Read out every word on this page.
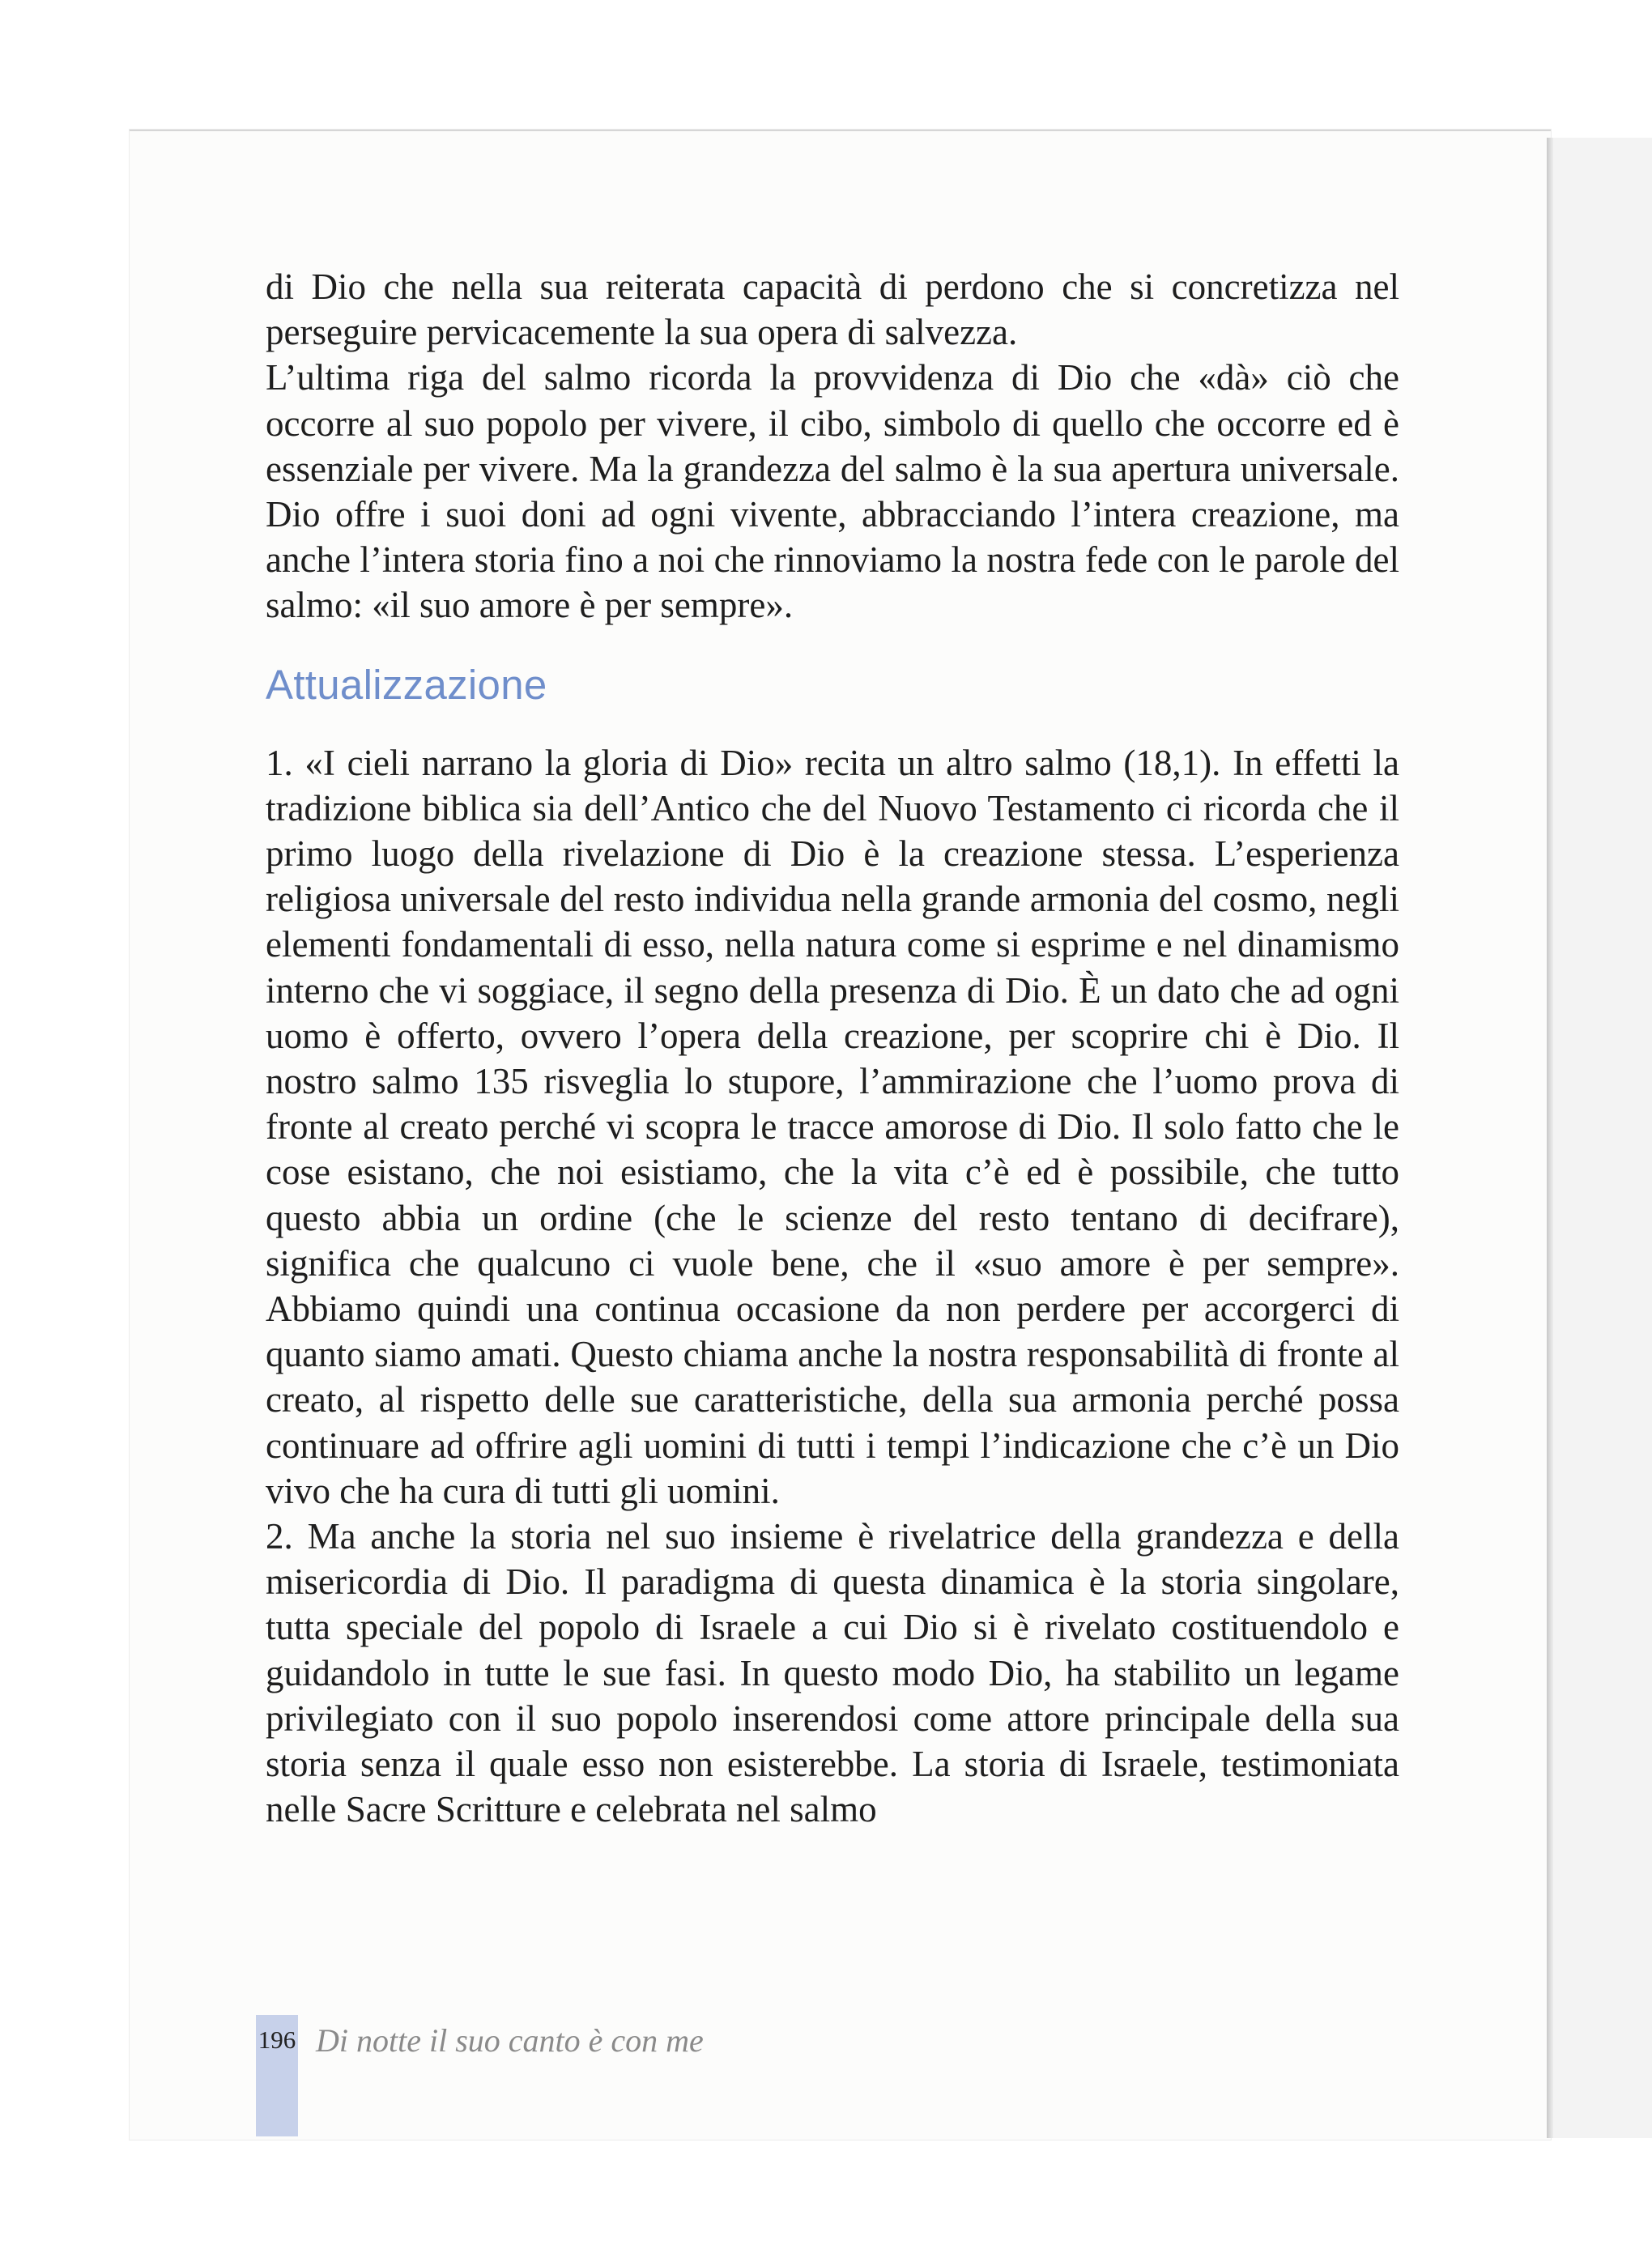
di Dio che nella sua reiterata capacità di perdono che si concretizza nel perseguire pervicacemente la sua opera di salvezza.

L’ultima riga del salmo ricorda la provvidenza di Dio che «dà» ciò che occorre al suo popolo per vivere, il cibo, simbolo di quello che occorre ed è essenziale per vivere. Ma la grandezza del salmo è la sua apertura universale. Dio offre i suoi doni ad ogni vivente, abbracciando l’intera creazione, ma anche l’intera storia fino a noi che rinnoviamo la nostra fede con le parole del salmo: «il suo amore è per sempre».

Attualizzazione

1. «I cieli narrano la gloria di Dio» recita un altro salmo (18,1). In effetti la tradizione biblica sia dell’Antico che del Nuovo Testamento ci ricorda che il primo luogo della rivelazione di Dio è la creazione stessa. L’esperienza religiosa universale del resto individua nella grande armonia del cosmo, negli elementi fondamentali di esso, nella natura come si esprime e nel dinamismo interno che vi soggiace, il segno della presenza di Dio. È un dato che ad ogni uomo è offerto, ovvero l’opera della creazione, per scoprire chi è Dio. Il nostro salmo 135 risveglia lo stupore, l’ammirazione che l’uomo prova di fronte al creato perché vi scopra le tracce amorose di Dio. Il solo fatto che le cose esistano, che noi esistiamo, che la vita c’è ed è possibile, che tutto questo abbia un ordine (che le scienze del resto tentano di decifrare), significa che qualcuno ci vuole bene, che il «suo amore è per sempre». Abbiamo quindi una continua occasione da non perdere per accorgerci di quanto siamo amati. Questo chiama anche la nostra responsabilità di fronte al creato, al rispetto delle sue caratteristiche, della sua armonia perché possa continuare ad offrire agli uomini di tutti i tempi l’indicazione che c’è un Dio vivo che ha cura di tutti gli uomini.

2. Ma anche la storia nel suo insieme è rivelatrice della grandezza e della misericordia di Dio. Il paradigma di questa dinamica è la storia singolare, tutta speciale del popolo di Israele a cui Dio si è rivelato costituendolo e guidandolo in tutte le sue fasi. In questo modo Dio, ha stabilito un legame privilegiato con il suo popolo inserendosi come attore principale della sua storia senza il quale esso non esisterebbe. La storia di Israele, testimoniata nelle Sacre Scritture e celebrata nel salmo

196 Di notte il suo canto è con me
